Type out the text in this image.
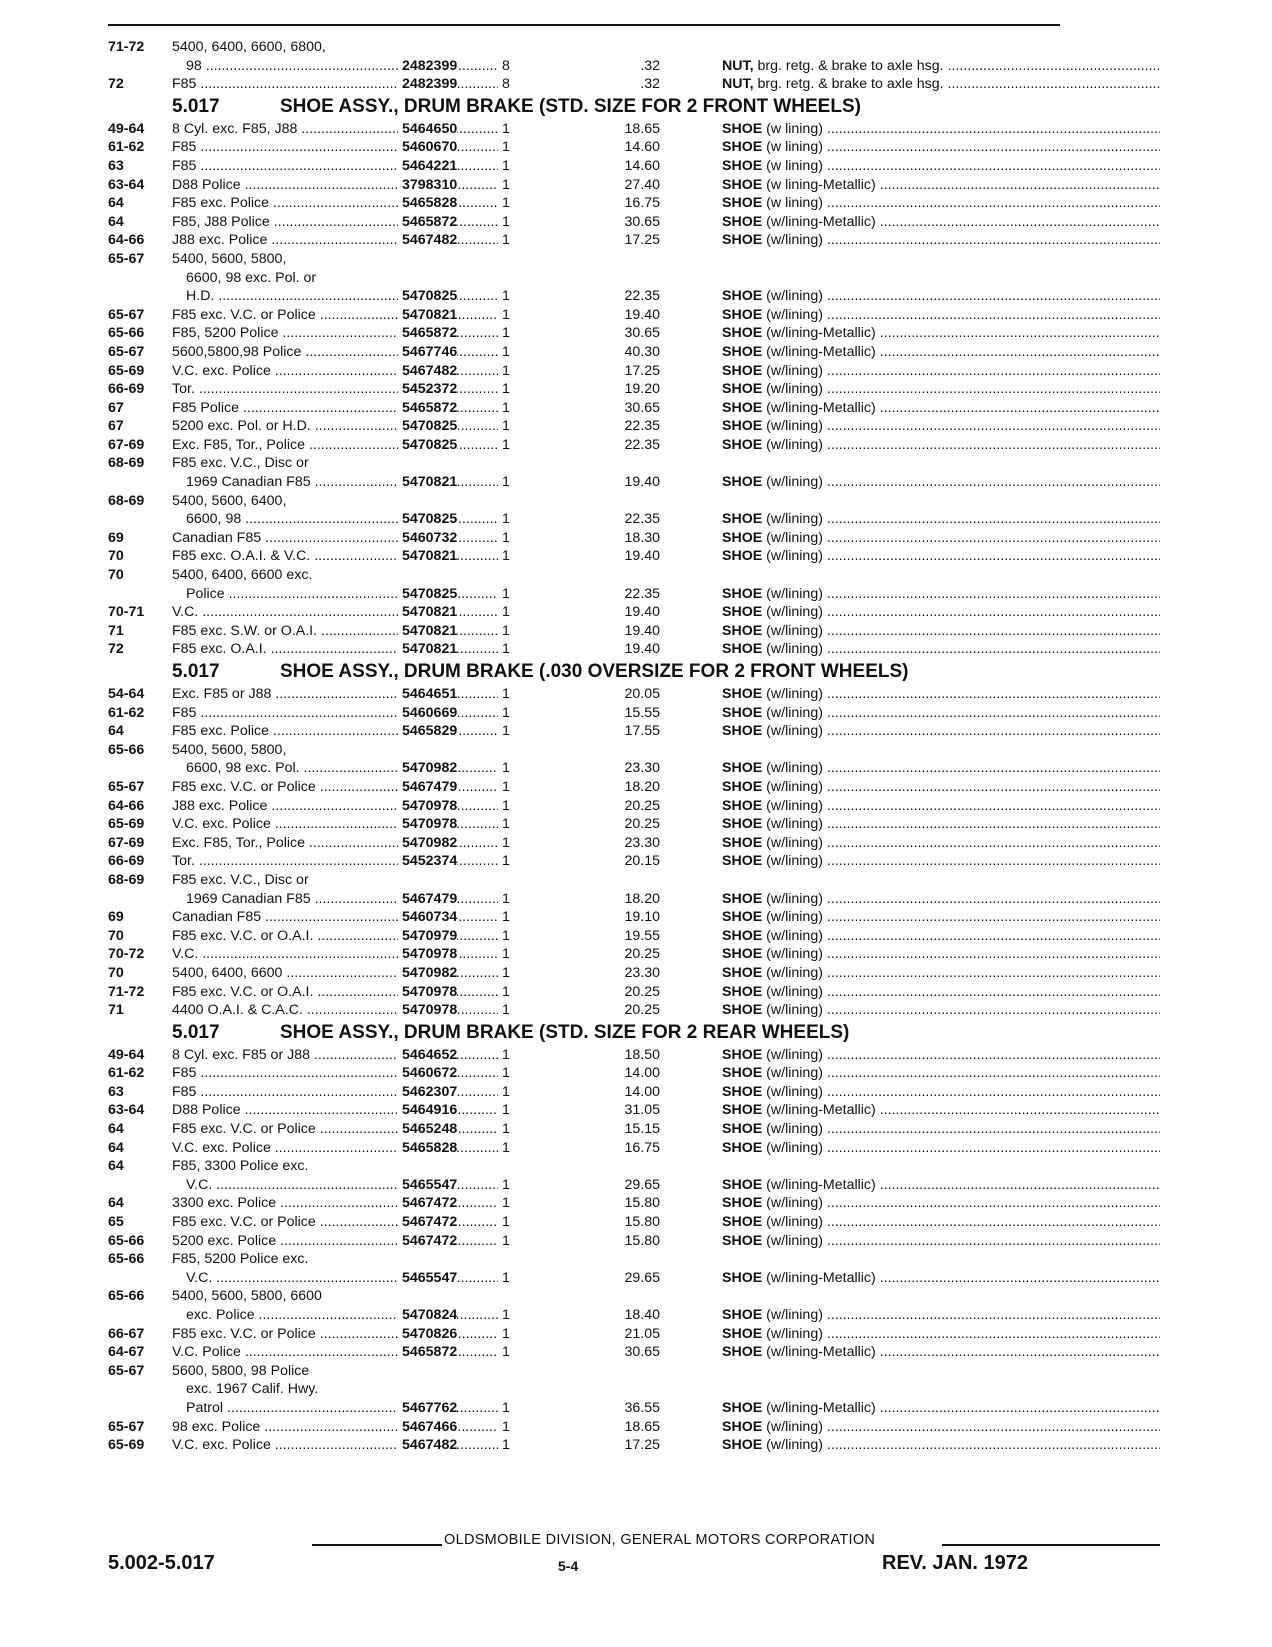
71-72	5400, 6400, 6600, 6800,
98 .....	2482399	8	.32	NUT, brg. retg. & brake to axle hsg. .....
72	F85 .....	2482399	8	.32	NUT, brg. retg. & brake to axle hsg. .....
5.017	SHOE ASSY., DRUM BRAKE (STD. SIZE FOR 2 FRONT WHEELS)
49-64	8 Cyl. exc. F85, J88 .....	5464650	1	18.65	SHOE (w lining) .....
61-62	F85 .....	5460670	1	14.60	SHOE (w lining) .....
63	F85 .....	5464221	1	14.60	SHOE (w lining) .....
63-64	D88 Police .....	3798310	1	27.40	SHOE (w lining-Metallic) .....
64	F85 exc. Police .....	5465828	1	16.75	SHOE (w lining) .....
64	F85, J88 Police .....	5465872	1	30.65	SHOE (w/lining-Metallic) .....
64-66	J88 exc. Police .....	5467482	1	17.25	SHOE (w/lining) .....
65-67	5400, 5600, 5800,
6600, 98 exc. Pol. or
H.D. .....	5470825	1	22.35	SHOE (w/lining) .....
65-67	F85 exc. V.C. or Police .....	5470821	1	19.40	SHOE (w/lining) .....
65-66	F85, 5200 Police .....	5465872	1	30.65	SHOE (w/lining-Metallic) .....
65-67	5600,5800,98 Police .....	5467746	1	40.30	SHOE (w/lining-Metallic) .....
65-69	V.C. exc. Police .....	5467482	1	17.25	SHOE (w/lining) .....
66-69	Tor. .....	5452372	1	19.20	SHOE (w/lining) .....
67	F85 Police .....	5465872	1	30.65	SHOE (w/lining-Metallic) .....
67	5200 exc. Pol. or H.D. .....	5470825	1	22.35	SHOE (w/lining) .....
67-69	Exc. F85, Tor., Police .....	5470825	1	22.35	SHOE (w/lining) .....
68-69	F85 exc. V.C., Disc or
1969 Canadian F85 .....	5470821	1	19.40	SHOE (w/lining) .....
68-69	5400, 5600, 6400,
6600, 98 .....	5470825	1	22.35	SHOE (w/lining) .....
69	Canadian F85 .....	5460732	1	18.30	SHOE (w/lining) .....
70	F85 exc. O.A.I. & V.C. .....	5470821	1	19.40	SHOE (w/lining) .....
70	5400, 6400, 6600 exc.
Police .....	5470825	1	22.35	SHOE (w/lining) .....
70-71	V.C. .....	5470821	1	19.40	SHOE (w/lining) .....
71	F85 exc. S.W. or O.A.I. .....	5470821	1	19.40	SHOE (w/lining) .....
72	F85 exc. O.A.I. .....	5470821	1	19.40	SHOE (w/lining) .....
5.017	SHOE ASSY., DRUM BRAKE (.030 OVERSIZE FOR 2 FRONT WHEELS)
54-64	Exc. F85 or J88 .....	5464651	1	20.05	SHOE (w/lining) .....
61-62	F85 .....	5460669	1	15.55	SHOE (w/lining) .....
64	F85 exc. Police .....	5465829	1	17.55	SHOE (w/lining) .....
65-66	5400, 5600, 5800,
6600, 98 exc. Pol. .....	5470982	1	23.30	SHOE (w/lining) .....
65-67	F85 exc. V.C. or Police .....	5467479	1	18.20	SHOE (w/lining) .....
64-66	J88 exc. Police .....	5470978	1	20.25	SHOE (w/lining) .....
65-69	V.C. exc. Police .....	5470978	1	20.25	SHOE (w/lining) .....
67-69	Exc. F85, Tor., Police .....	5470982	1	23.30	SHOE (w/lining) .....
66-69	Tor. .....	5452374	1	20.15	SHOE (w/lining) .....
68-69	F85 exc. V.C., Disc or
1969 Canadian F85 .....	5467479	1	18.20	SHOE (w/lining) .....
69	Canadian F85 .....	5460734	1	19.10	SHOE (w/lining) .....
70	F85 exc. V.C. or O.A.I. .....	5470979	1	19.55	SHOE (w/lining) .....
70-72	V.C. .....	5470978	1	20.25	SHOE (w/lining) .....
70	5400, 6400, 6600 .....	5470982	1	23.30	SHOE (w/lining) .....
71-72	F85 exc. V.C. or O.A.I. .....	5470978	1	20.25	SHOE (w/lining) .....
71	4400 O.A.I. & C.A.C. .....	5470978	1	20.25	SHOE (w/lining) .....
5.017	SHOE ASSY., DRUM BRAKE (STD. SIZE FOR 2 REAR WHEELS)
49-64	8 Cyl. exc. F85 or J88 .....	5464652	1	18.50	SHOE (w/lining) .....
61-62	F85 .....	5460672	1	14.00	SHOE (w/lining) .....
63	F85 .....	5462307	1	14.00	SHOE (w/lining) .....
63-64	D88 Police .....	5464916	1	31.05	SHOE (w/lining-Metallic) .....
64	F85 exc. V.C. or Police .....	5465248	1	15.15	SHOE (w/lining) .....
64	V.C. exc. Police .....	5465828	1	16.75	SHOE (w/lining) .....
64	F85, 3300 Police exc.
V.C. .....	5465547	1	29.65	SHOE (w/lining-Metallic) .....
64	3300 exc. Police .....	5467472	1	15.80	SHOE (w/lining) .....
65	F85 exc. V.C. or Police .....	5467472	1	15.80	SHOE (w/lining) .....
65-66	5200 exc. Police .....	5467472	1	15.80	SHOE (w/lining) .....
65-66	F85, 5200 Police exc.
V.C. .....	5465547	1	29.65	SHOE (w/lining-Metallic) .....
65-66	5400, 5600, 5800, 6600
exc. Police .....	5470824	1	18.40	SHOE (w/lining) .....
66-67	F85 exc. V.C. or Police .....	5470826	1	21.05	SHOE (w/lining) .....
64-67	V.C. Police .....	5465872	1	30.65	SHOE (w/lining-Metallic) .....
65-67	5600, 5800, 98 Police
exc. 1967 Calif. Hwy.
Patrol .....	5467762	1	36.55	SHOE (w/lining-Metallic) .....
65-67	98 exc. Police .....	5467466	1	18.65	SHOE (w/lining) .....
65-69	V.C. exc. Police .....	5467482	1	17.25	SHOE (w/lining) .....
OLDSMOBILE DIVISION, GENERAL MOTORS CORPORATION
5.002-5.017	5-4	REV. JAN. 1972
